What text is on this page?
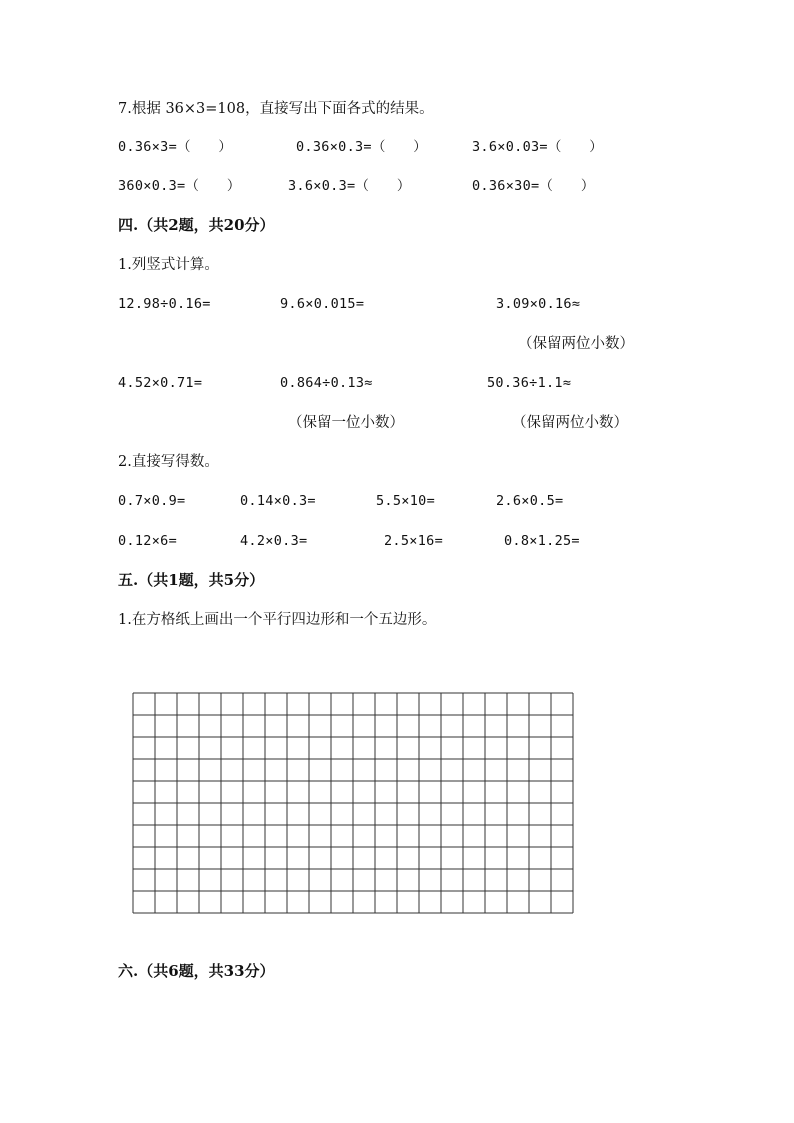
7.根据 36×3=108，直接写出下面各式的结果。
0.36×3=（　　）	0.36×0.3=（　　）	3.6×0.03=（　　）
360×0.3=（　　）	3.6×0.3=（　　）	0.36×30=（　　）
四.（共2题，共20分）
1.列竖式计算。
12.98÷0.16=	9.6×0.015=	3.09×0.16≈
（保留两位小数）
4.52×0.71=	0.864÷0.13≈	50.36÷1.1≈
（保留一位小数）	（保留两位小数）
2.直接写得数。
0.7×0.9=	0.14×0.3=	5.5×10=	2.6×0.5=
0.12×6=	4.2×0.3=	2.5×16=	0.8×1.25=
五.（共1题，共5分）
1.在方格纸上画出一个平行四边形和一个五边形。
六.（共6题，共33分）
